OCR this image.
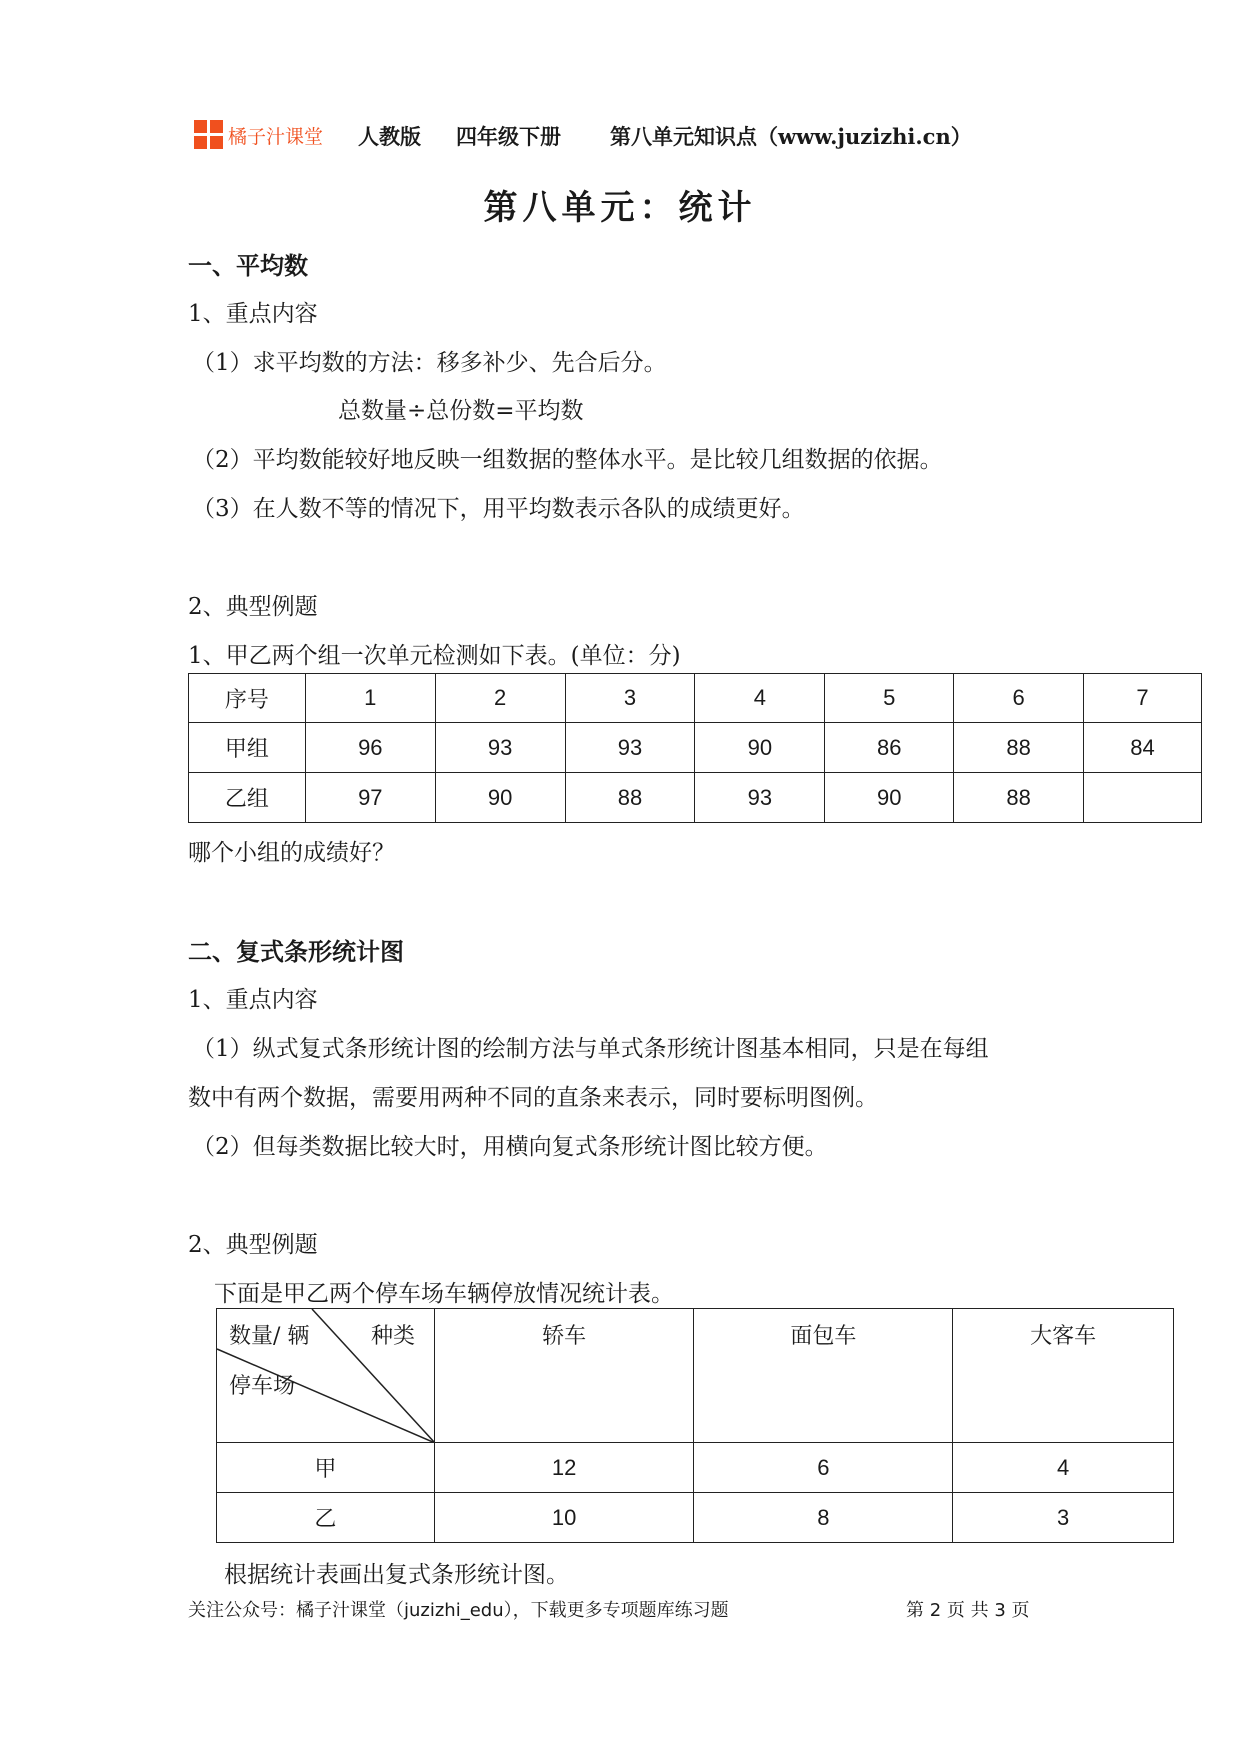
橘子汁课堂 人教版 四年级下册 第八单元知识点（www.juzizhi.cn）
第八单元：统计
一、平均数
1、重点内容
（1）求平均数的方法：移多补少、先合后分。
总数量÷总份数=平均数
（2）平均数能较好地反映一组数据的整体水平。是比较几组数据的依据。
（3）在人数不等的情况下，用平均数表示各队的成绩更好。
2、典型例题
1、甲乙两个组一次单元检测如下表。(单位：分)
序号	1	2	3	4	5	6	7
甲组	96	93	93	90	86	88	84
乙组	97	90	88	93	90	88	
哪个小组的成绩好？
二、复式条形统计图
1、重点内容
（1）纵式复式条形统计图的绘制方法与单式条形统计图基本相同，只是在每组
数中有两个数据，需要用两种不同的直条来表示，同时要标明图例。
（2）但每类数据比较大时，用横向复式条形统计图比较方便。
2、典型例题
下面是甲乙两个停车场车辆停放情况统计表。
数量/ 辆 种类
停车场	轿车	面包车	大客车
甲	12	6	4
乙	10	8	3
根据统计表画出复式条形统计图。
关注公众号：橘子汁课堂（juzizhi_edu），下载更多专项题库练习题	第 2 页 共 3 页
